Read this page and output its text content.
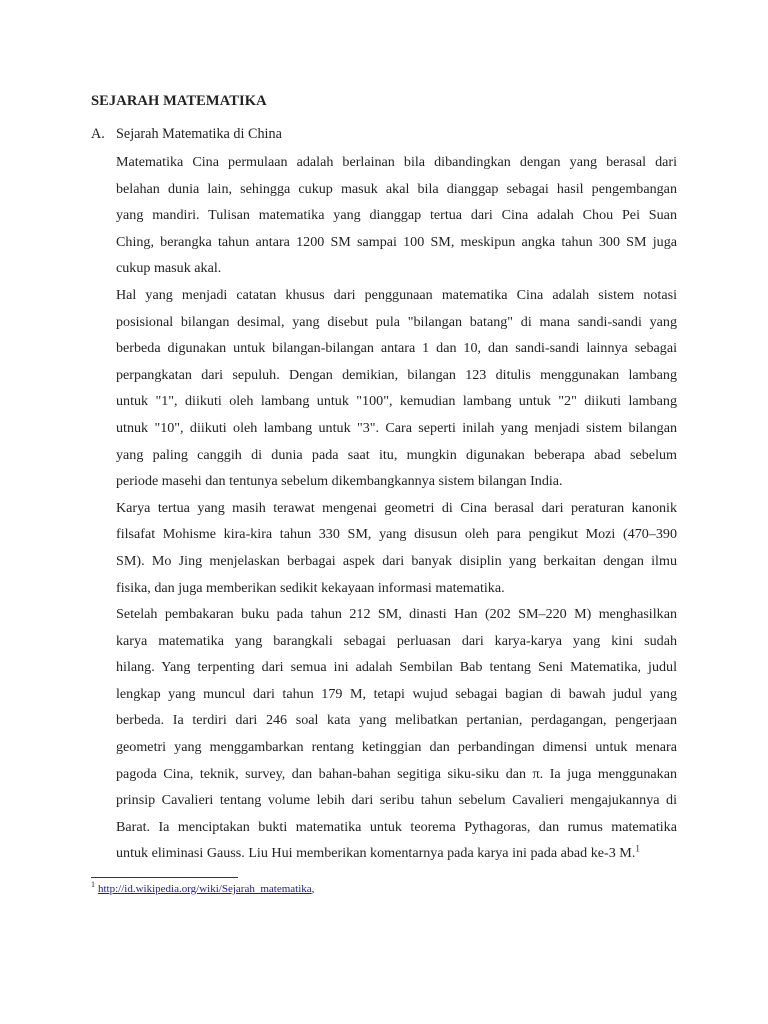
SEJARAH MATEMATIKA
A. Sejarah Matematika di China

Matematika Cina permulaan adalah berlainan bila dibandingkan dengan yang berasal dari
belahan dunia lain, sehingga cukup masuk akal bila dianggap sebagai hasil pengembangan
yang mandiri. Tulisan matematika yang dianggap tertua dari Cina adalah Chou Pei Suan
Ching, berangka tahun antara 1200 SM sampai 100 SM, meskipun angka tahun 300 SM juga
cukup masuk akal.

Hal yang menjadi catatan khusus dari penggunaan matematika Cina adalah sistem notasi
posisional bilangan desimal, yang disebut pula "bilangan batang" di mana sandi-sandi yang
berbeda digunakan untuk bilangan-bilangan antara 1 dan 10, dan sandi-sandi lainnya sebagai
perpangkatan dari sepuluh. Dengan demikian, bilangan 123 ditulis menggunakan lambang
untuk "1", diikuti oleh lambang untuk "100", kemudian lambang untuk "2" diikuti lambang
utnuk "10", diikuti oleh lambang untuk "3". Cara seperti inilah yang menjadi sistem bilangan
yang paling canggih di dunia pada saat itu, mungkin digunakan beberapa abad sebelum
periode masehi dan tentunya sebelum dikembangkannya sistem bilangan India.

Karya tertua yang masih terawat mengenai geometri di Cina berasal dari peraturan kanonik
filsafat Mohisme kira-kira tahun 330 SM, yang disusun oleh para pengikut Mozi (470–390
SM). Mo Jing menjelaskan berbagai aspek dari banyak disiplin yang berkaitan dengan ilmu
fisika, dan juga memberikan sedikit kekayaan informasi matematika.

Setelah pembakaran buku pada tahun 212 SM, dinasti Han (202 SM–220 M) menghasilkan
karya matematika yang barangkali sebagai perluasan dari karya-karya yang kini sudah
hilang. Yang terpenting dari semua ini adalah Sembilan Bab tentang Seni Matematika, judul
lengkap yang muncul dari tahun 179 M, tetapi wujud sebagai bagian di bawah judul yang
berbeda. Ia terdiri dari 246 soal kata yang melibatkan pertanian, perdagangan, pengerjaan
geometri yang menggambarkan rentang ketinggian dan perbandingan dimensi untuk menara
pagoda Cina, teknik, survey, dan bahan-bahan segitiga siku-siku dan π. Ia juga menggunakan
prinsip Cavalieri tentang volume lebih dari seribu tahun sebelum Cavalieri mengajukannya di
Barat. Ia menciptakan bukti matematika untuk teorema Pythagoras, dan rumus matematika
untuk eliminasi Gauss. Liu Hui memberikan komentarnya pada karya ini pada abad ke-3 M.$^1$

$^1$ http://id.wikipedia.org/wiki/Sejarah_matematika,
